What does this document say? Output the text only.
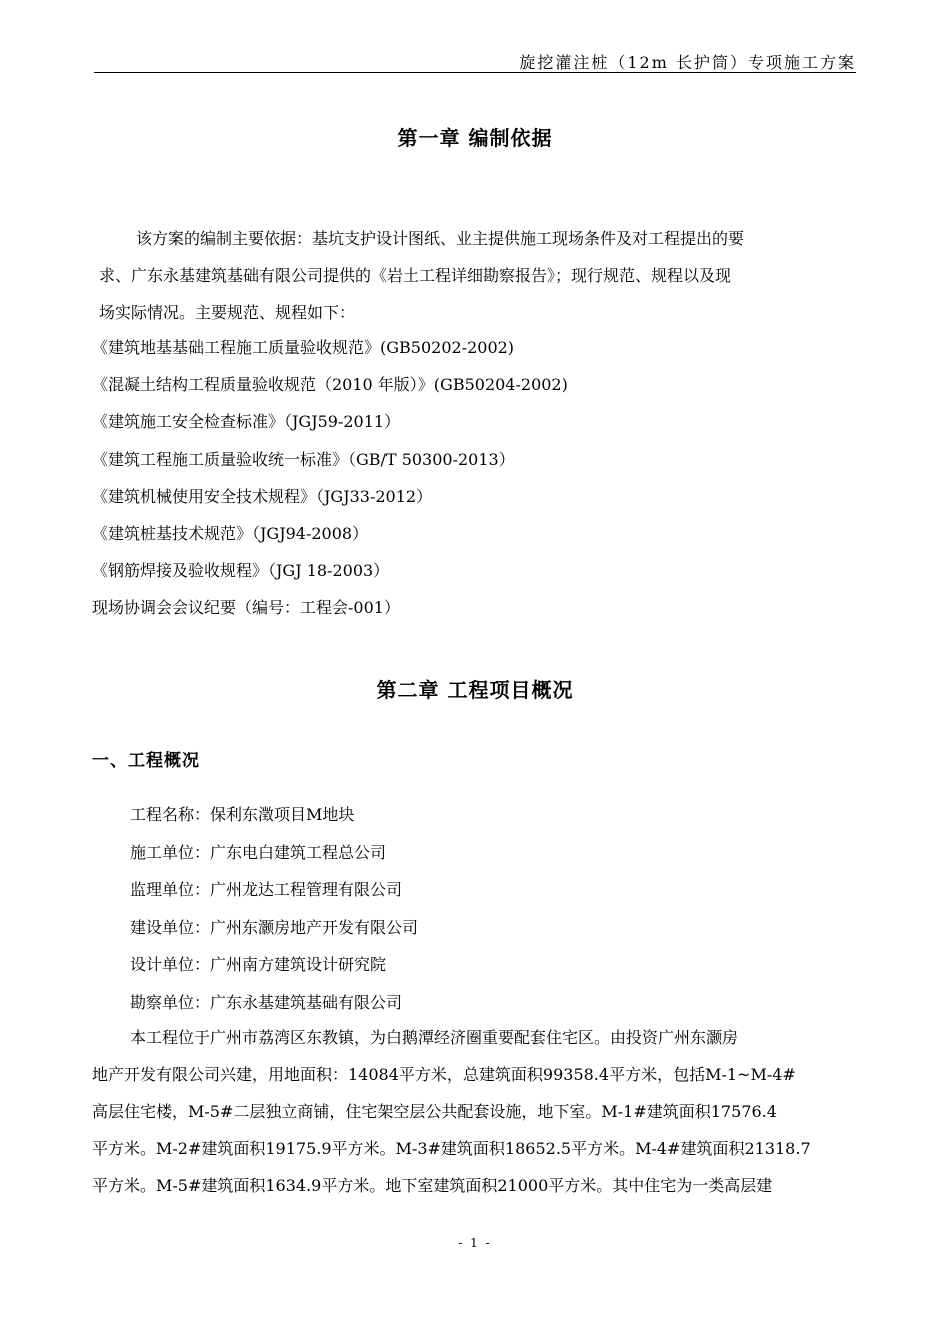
旋挖灌注桩（12m 长护筒）专项施工方案
第一章 编制依据
该方案的编制主要依据：基坑支护设计图纸、业主提供施工现场条件及对工程提出的要
求、广东永基建筑基础有限公司提供的《岩土工程详细勘察报告》；现行规范、规程以及现
场实际情况。主要规范、规程如下：
《建筑地基基础工程施工质量验收规范》(GB50202-2002)
《混凝土结构工程质量验收规范（2010 年版）》(GB50204-2002)
《建筑施工安全检查标准》（JGJ59-2011）
《建筑工程施工质量验收统一标准》（GB/T 50300-2013）
《建筑机械使用安全技术规程》（JGJ33-2012）
《建筑桩基技术规范》（JGJ94-2008）
《钢筋焊接及验收规程》（JGJ 18-2003）
现场协调会会议纪要（编号：工程会-001）
第二章 工程项目概况
一、工程概况
工程名称：保利东澂项目M地块
施工单位：广东电白建筑工程总公司
监理单位：广州龙达工程管理有限公司
建设单位：广州东灏房地产开发有限公司
设计单位：广州南方建筑设计研究院
勘察单位：广东永基建筑基础有限公司
本工程位于广州市荔湾区东教镇，为白鹅潭经济圈重要配套住宅区。由投资广州东灏房
地产开发有限公司兴建，用地面积：14084平方米，总建筑面积99358.4平方米，包括M-1~M-4#
高层住宅楼，M-5#二层独立商铺，住宅架空层公共配套设施，地下室。M-1#建筑面积17576.4
平方米。M-2#建筑面积19175.9平方米。M-3#建筑面积18652.5平方米。M-4#建筑面积21318.7
平方米。M-5#建筑面积1634.9平方米。地下室建筑面积21000平方米。其中住宅为一类高层建
- 1 -
